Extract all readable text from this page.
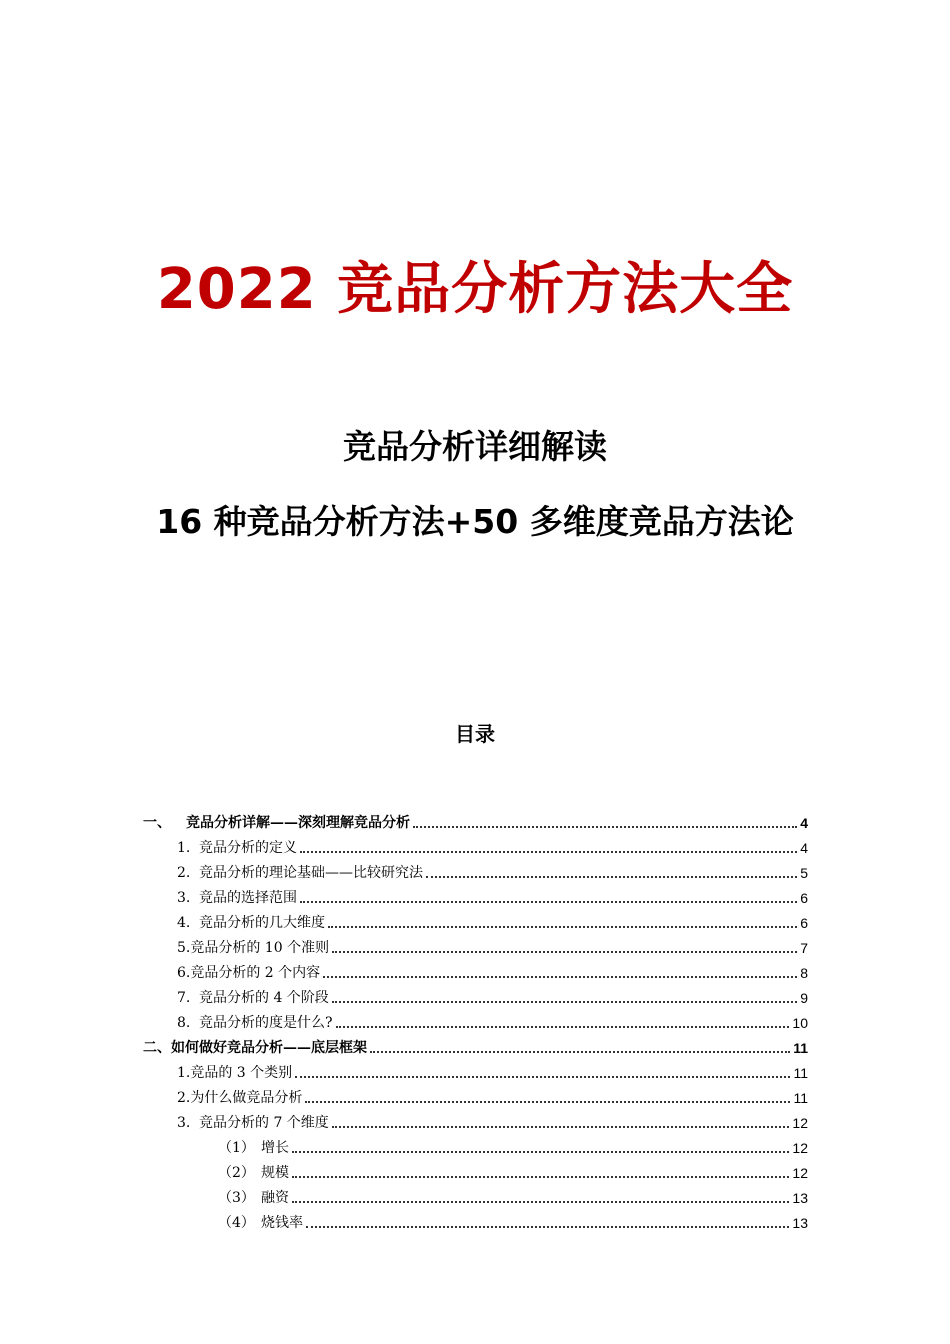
2022 竞品分析方法大全
竞品分析详细解读
16 种竞品分析方法+50 多维度竞品方法论
目录
一、	竞品分析详解——深刻理解竞品分析	4
1. 竞品分析的定义	4
2. 竞品分析的理论基础——比较研究法	5
3. 竞品的选择范围	6
4. 竞品分析的几大维度	6
5.竞品分析的 10 个准则	7
6.竞品分析的 2 个内容	8
7. 竞品分析的 4 个阶段	9
8. 竞品分析的度是什么?	10
二、如何做好竞品分析——底层框架	11
1.竞品的 3 个类别	11
2.为什么做竞品分析	11
3. 竞品分析的 7 个维度	12
（1） 增长	12
（2） 规模	12
（3） 融资	13
（4） 烧钱率	13
